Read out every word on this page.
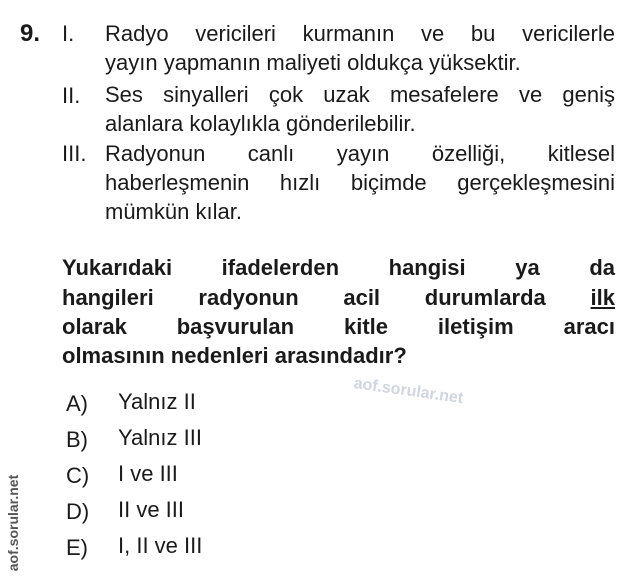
9. I. Radyo vericileri kurmanın ve bu vericilerle
yayın yapmanın maliyeti oldukça yüksektir.
II. Ses sinyalleri çok uzak mesafelere ve geniş
alanlara kolaylıkla gönderilebilir.
III. Radyonun canlı yayın özelliği, kitlesel
haberleşmenin hızlı biçimde gerçekleşmesini
mümkün kılar.
Yukarıdaki ifadelerden hangisi ya da
hangileri radyonun acil durumlarda ilk
olarak başvurulan kitle iletişim aracı
olmasının nedenleri arasındadır?
A) Yalnız II
B) Yalnız III
C) I ve III
D) II ve III
E) I, II ve III
aof.sorular.net
aof.sorular.net
